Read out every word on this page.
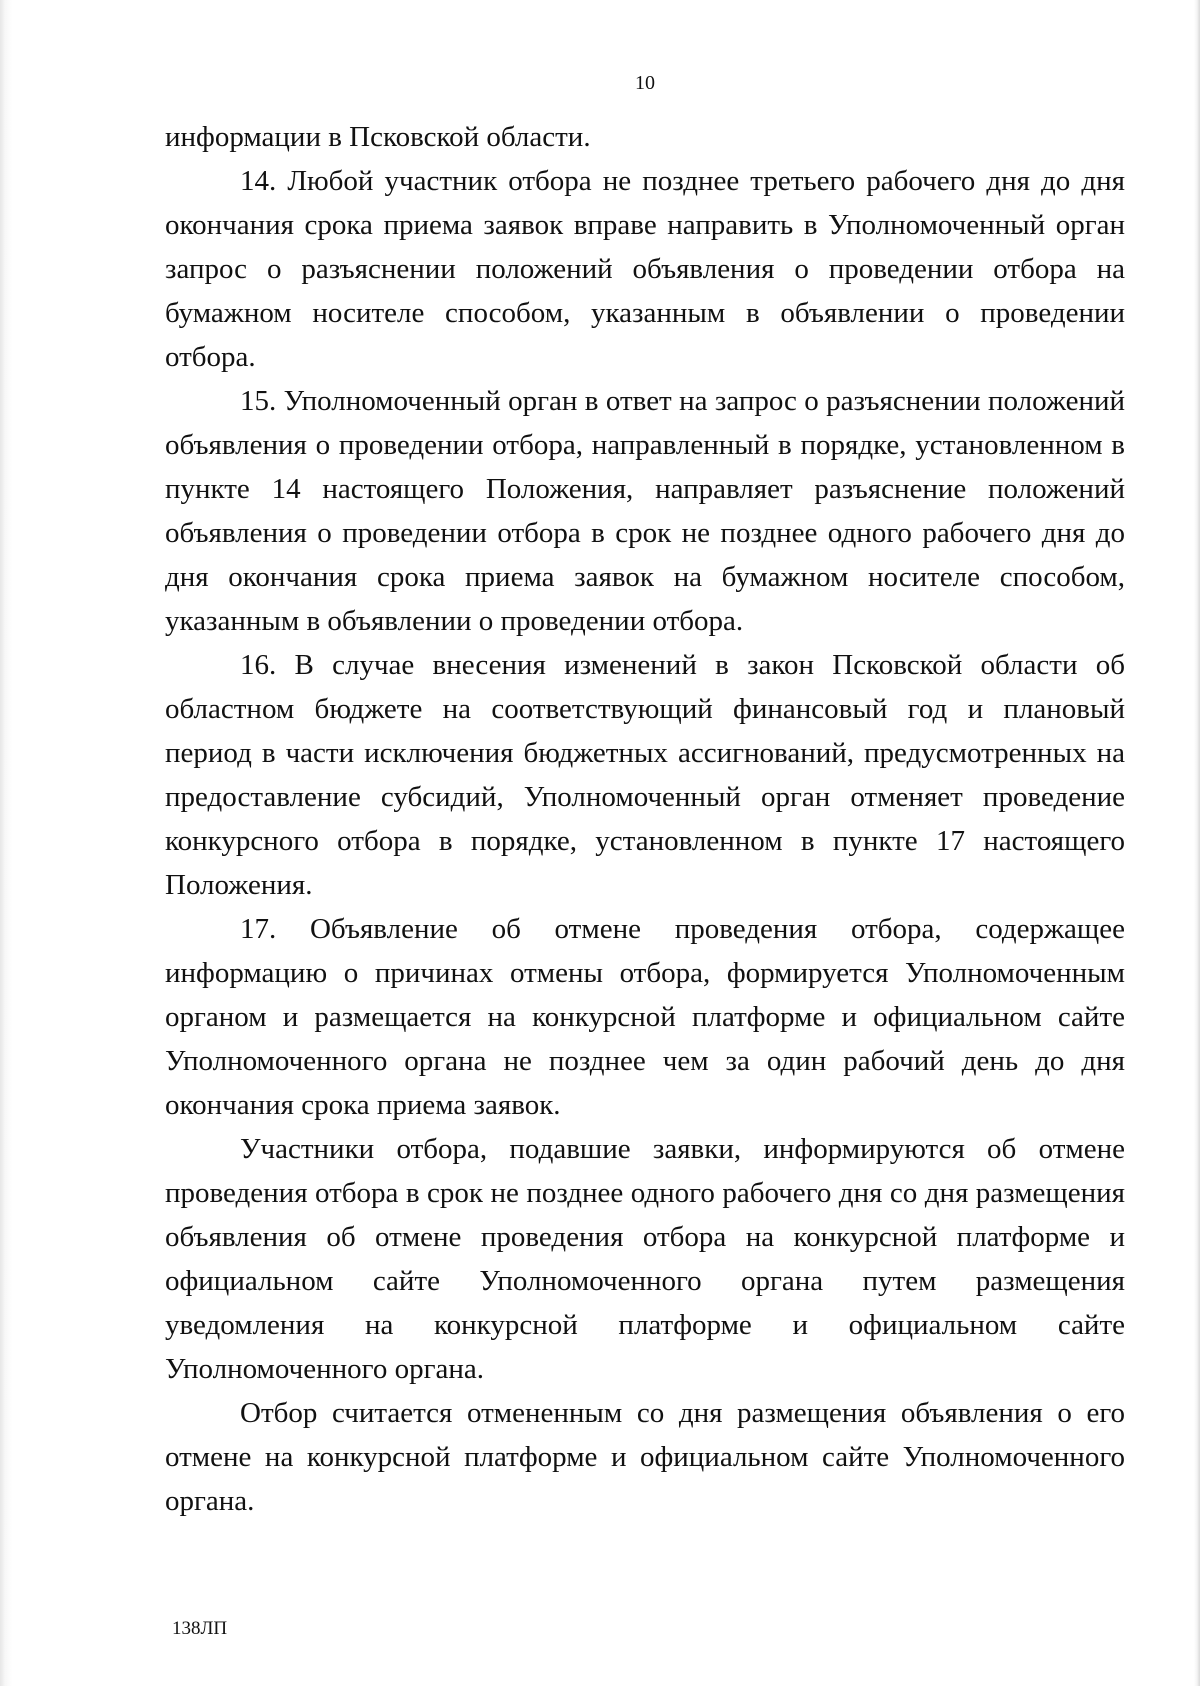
10

информации в Псковской области.

14. Любой участник отбора не позднее третьего рабочего дня до дня окончания срока приема заявок вправе направить в Уполномоченный орган запрос о разъяснении положений объявления о проведении отбора на бумажном носителе способом, указанным в объявлении о проведении отбора.

15. Уполномоченный орган в ответ на запрос о разъяснении положений объявления о проведении отбора, направленный в порядке, установленном в пункте 14 настоящего Положения, направляет разъяснение положений объявления о проведении отбора в срок не позднее одного рабочего дня до дня окончания срока приема заявок на бумажном носителе способом, указанным в объявлении о проведении отбора.

16. В случае внесения изменений в закон Псковской области об областном бюджете на соответствующий финансовый год и плановый период в части исключения бюджетных ассигнований, предусмотренных на предоставление субсидий, Уполномоченный орган отменяет проведение конкурсного отбора в порядке, установленном в пункте 17 настоящего Положения.

17. Объявление об отмене проведения отбора, содержащее информацию о причинах отмены отбора, формируется Уполномоченным органом и размещается на конкурсной платформе и официальном сайте Уполномоченного органа не позднее чем за один рабочий день до дня окончания срока приема заявок.

Участники отбора, подавшие заявки, информируются об отмене проведения отбора в срок не позднее одного рабочего дня со дня размещения объявления об отмене проведения отбора на конкурсной платформе и официальном сайте Уполномоченного органа путем размещения уведомления на конкурсной платформе и официальном сайте Уполномоченного органа.

Отбор считается отмененным со дня размещения объявления о его отмене на конкурсной платформе и официальном сайте Уполномоченного органа.

138ЛП
